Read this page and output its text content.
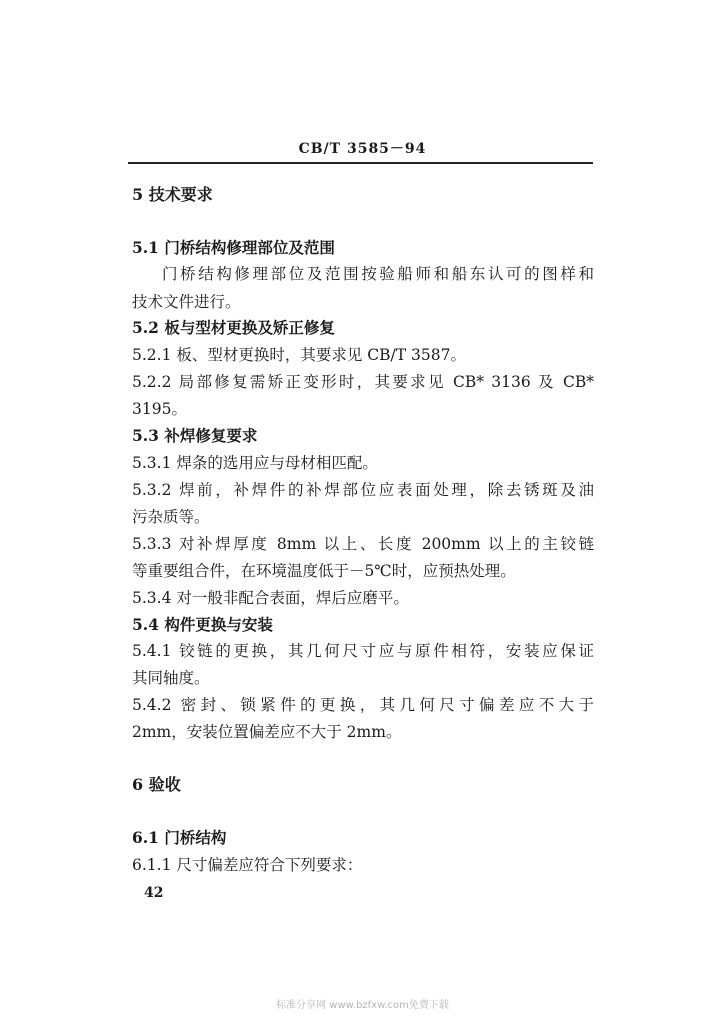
CB/T 3585－94
5 技术要求
5.1 门桥结构修理部位及范围
门桥结构修理部位及范围按验船师和船东认可的图样和
技术文件进行。
5.2 板与型材更换及矫正修复
5.2.1 板、型材更换时，其要求见 CB/T 3587。
5.2.2 局部修复需矫正变形时，其要求见 CB* 3136 及 CB*
3195。
5.3 补焊修复要求
5.3.1 焊条的选用应与母材相匹配。
5.3.2 焊前，补焊件的补焊部位应表面处理，除去锈斑及油
污杂质等。
5.3.3 对补焊厚度 8mm 以上、长度 200mm 以上的主铰链
等重要组合件，在环境温度低于－5℃时，应预热处理。
5.3.4 对一般非配合表面，焊后应磨平。
5.4 构件更换与安装
5.4.1 铰链的更换，其几何尺寸应与原件相符，安装应保证
其同轴度。
5.4.2 密封、锁紧件的更换，其几何尺寸偏差应不大于
2mm，安装位置偏差应不大于 2mm。
6 验收
6.1 门桥结构
6.1.1 尺寸偏差应符合下列要求：
42
标准分享网 www.bzfxw.com免费下载
